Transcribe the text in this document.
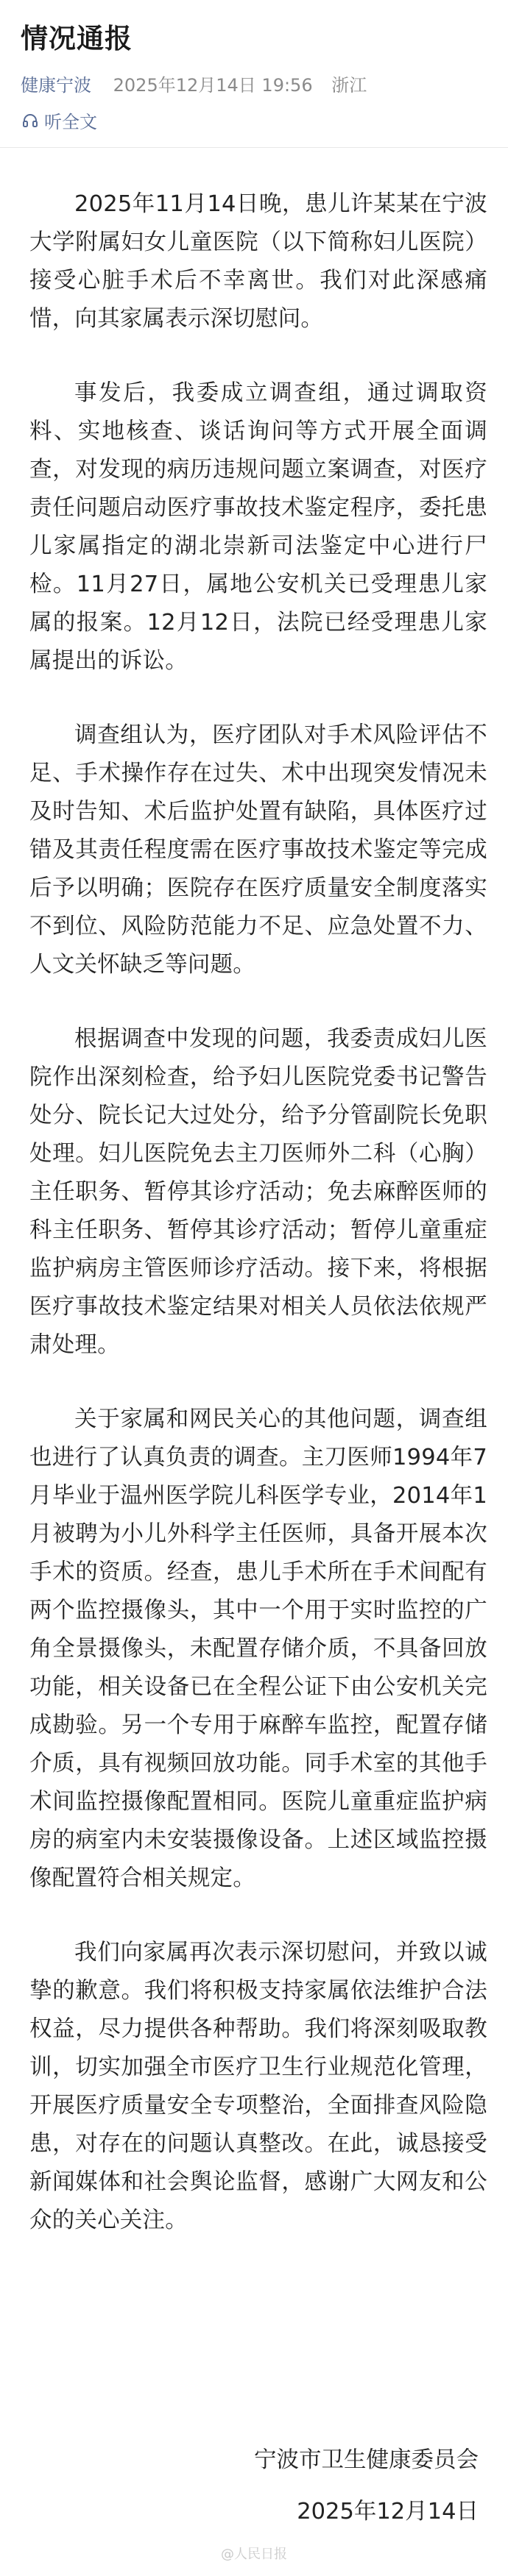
情况通报
健康宁波 2025年12月14日 19:56 浙江
听全文

2025年11月14日晚，患儿许某某在宁波大学附属妇女儿童医院（以下简称妇儿医院）接受心脏手术后不幸离世。我们对此深感痛惜，向其家属表示深切慰问。

事发后，我委成立调查组，通过调取资料、实地核查、谈话询问等方式开展全面调查，对发现的病历违规问题立案调查，对医疗责任问题启动医疗事故技术鉴定程序，委托患儿家属指定的湖北崇新司法鉴定中心进行尸检。11月27日，属地公安机关已受理患儿家属的报案。12月12日，法院已经受理患儿家属提出的诉讼。

调查组认为，医疗团队对手术风险评估不足、手术操作存在过失、术中出现突发情况未及时告知、术后监护处置有缺陷，具体医疗过错及其责任程度需在医疗事故技术鉴定等完成后予以明确；医院存在医疗质量安全制度落实不到位、风险防范能力不足、应急处置不力、人文关怀缺乏等问题。

根据调查中发现的问题，我委责成妇儿医院作出深刻检查，给予妇儿医院党委书记警告处分、院长记大过处分，给予分管副院长免职处理。妇儿医院免去主刀医师外二科（心胸）主任职务、暂停其诊疗活动；免去麻醉医师的科主任职务、暂停其诊疗活动；暂停儿童重症监护病房主管医师诊疗活动。接下来，将根据医疗事故技术鉴定结果对相关人员依法依规严肃处理。

关于家属和网民关心的其他问题，调查组也进行了认真负责的调查。主刀医师1994年7月毕业于温州医学院儿科医学专业，2014年1月被聘为小儿外科学主任医师，具备开展本次手术的资质。经查，患儿手术所在手术间配有两个监控摄像头，其中一个用于实时监控的广角全景摄像头，未配置存储介质，不具备回放功能，相关设备已在全程公证下由公安机关完成勘验。另一个专用于麻醉车监控，配置存储介质，具有视频回放功能。同手术室的其他手术间监控摄像配置相同。医院儿童重症监护病房的病室内未安装摄像设备。上述区域监控摄像配置符合相关规定。

我们向家属再次表示深切慰问，并致以诚挚的歉意。我们将积极支持家属依法维护合法权益，尽力提供各种帮助。我们将深刻吸取教训，切实加强全市医疗卫生行业规范化管理，开展医疗质量安全专项整治，全面排查风险隐患，对存在的问题认真整改。在此，诚恳接受新闻媒体和社会舆论监督，感谢广大网友和公众的关心关注。

宁波市卫生健康委员会
2025年12月14日
@人民日报
